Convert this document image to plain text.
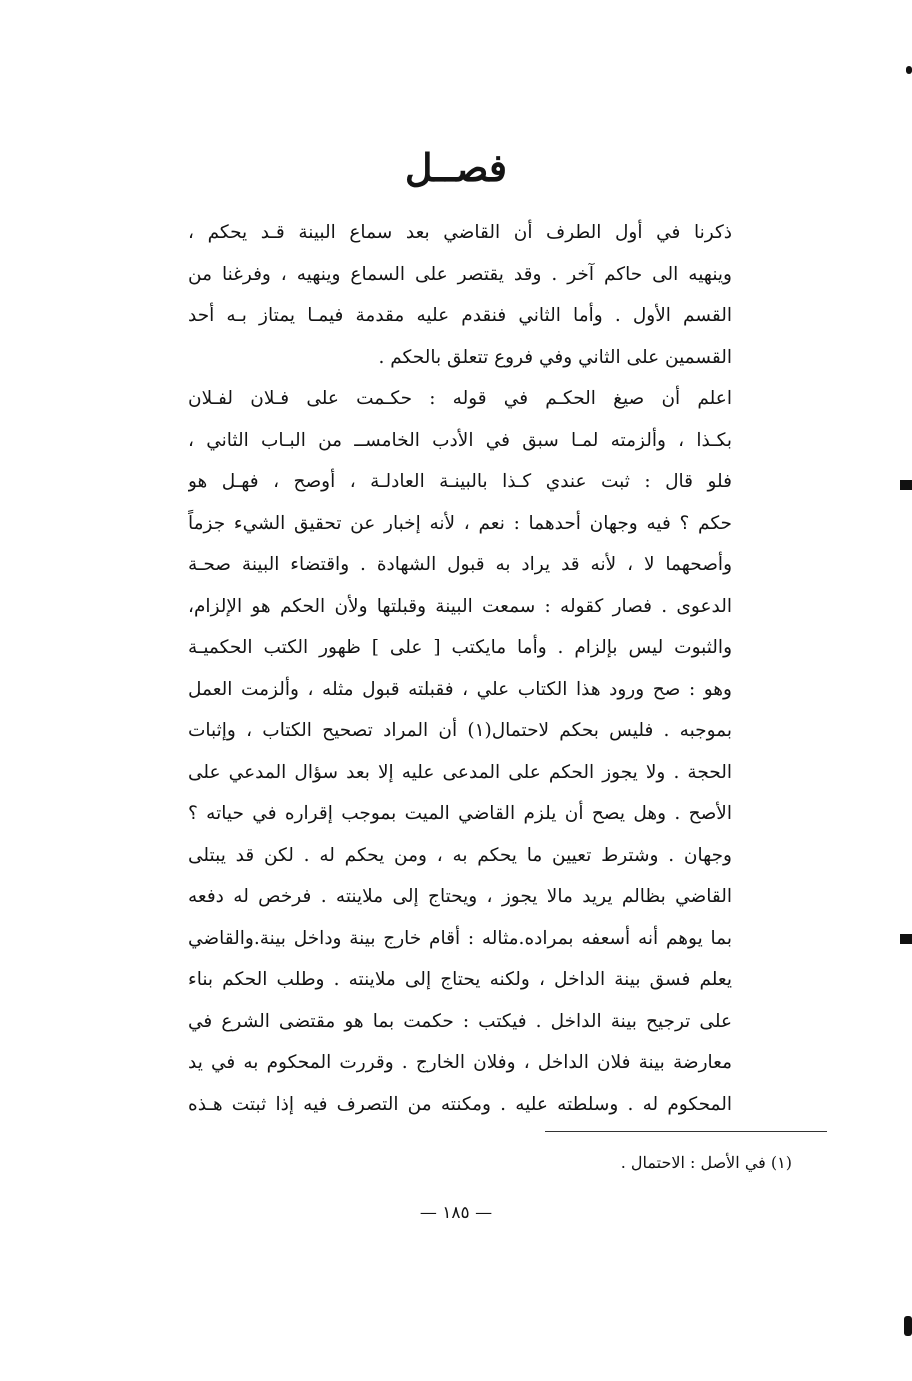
فصــل
ذكرنا في أول الطرف أن القاضي بعد سماع البينة قـد يحكم ،
وينهيه الى حاكم آخر . وقد يقتصر على السماع وينهيه ، وفرغنا من
القسم الأول . وأما الثاني فنقدم عليه مقدمة فيمـا يمتاز بـه أحد
القسمين على الثاني وفي فروع تتعلق بالحكم .
اعلم أن صيغ الحكـم في قوله : حكـمت على فـلان لفـلان
بكـذا ، وألزمته لمـا سبق في الأدب الخامســ من البـاب الثاني ،
فلو قال : ثبت عندي كـذا بالبينـة العادلـة ، أوصح ، فهـل هو
حكم ؟ فيه وجهان أحدهما : نعم ، لأنه إخبار عن تحقيق الشيء جزماً
وأصحهما لا ، لأنه قد يراد به قبول الشهادة . واقتضاء البينة صحـة
الدعوى . فصار كقوله : سمعت البينة وقبلتها ولأن الحكم هو الإلزام،
والثبوت ليس بإلزام . وأما مايكتب [ على ] ظهور الكتب الحكميـة
وهو : صح ورود هذا الكتاب علي ، فقبلته قبول مثله ، وألزمت العمل
بموجبه . فليس بحكم لاحتمال(١) أن المراد تصحيح الكتاب ، وإثبات
الحجة . ولا يجوز الحكم على المدعى عليه إلا بعد سؤال المدعي على
الأصح . وهل يصح أن يلزم القاضي الميت بموجب إقراره في حياته ؟
وجهان . وشترط تعيين ما يحكم به ، ومن يحكم له . لكن قد يبتلى
القاضي بظالم يريد مالا يجوز ، ويحتاج إلى ملاينته . فرخص له دفعه
بما يوهم أنه أسعفه بمراده.مثاله : أقام خارج بينة وداخل بينة.والقاضي
يعلم فسق بينة الداخل ، ولكنه يحتاج إلى ملاينته . وطلب الحكم بناء
على ترجيح بينة الداخل . فيكتب : حكمت بما هو مقتضى الشرع في
معارضة بينة فلان الداخل ، وفلان الخارج . وقررت المحكوم به في يد
المحكوم له . وسلطته عليه . ومكنته من التصرف فيه إذا ثبتت هـذه
(١) في الأصل : الاحتمال .
— ١٨٥ —
